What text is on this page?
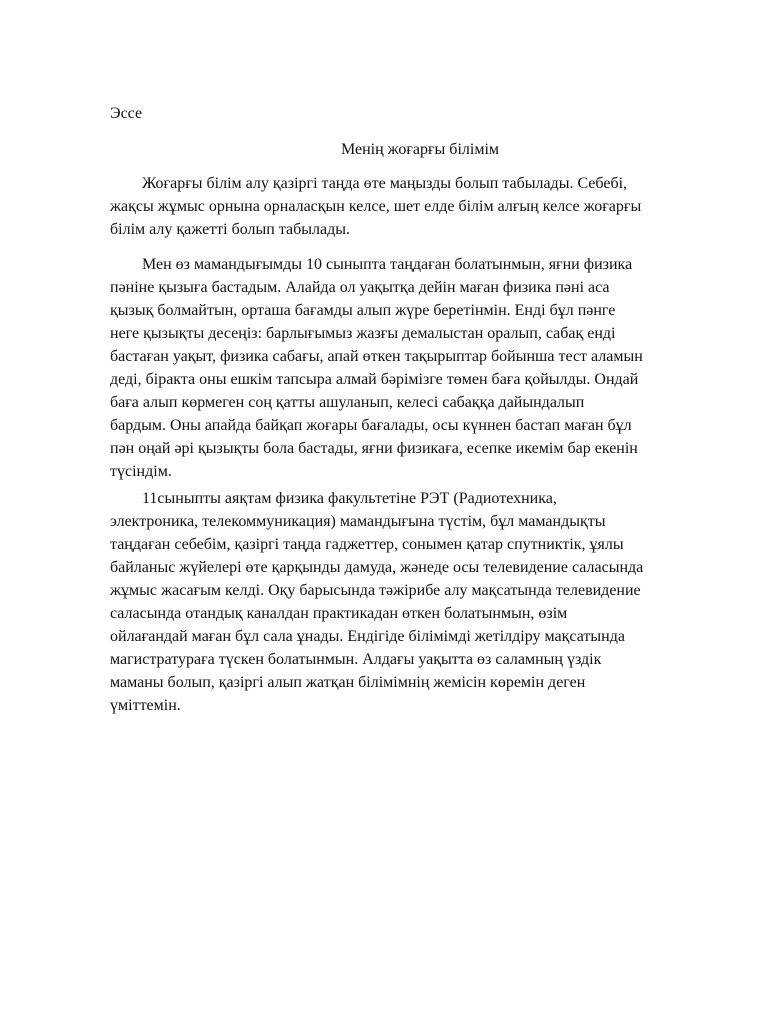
Эссе

Менің жоғарғы білімім
Жоғарғы білім алу қазіргі таңда өте маңызды болып табылады. Себебі,
жақсы жұмыс орнына орналасқын келсе, шет елде білім алғың келсе жоғарғы
білім алу қажетті болып табылады.
Мен өз мамандығымды 10 сыныпта таңдаған болатынмын, яғни физика
пәніне қызыға бастадым. Алайда ол уақытқа дейін маған физика пәні аса
қызық болмайтын, орташа бағамды алып жүре беретінмін. Енді бұл пәнге
неге қызықты десеңіз: барлығымыз жазғы демалыстан оралып, сабақ енді
бастаған уақыт, физика сабағы, апай өткен тақырыптар бойынша тест аламын
деді, біракта оны ешкім тапсыра алмай бәрімізге төмен баға қойылды. Ондай
баға алып көрмеген соң қатты ашуланып, келесі сабаққа дайындалып
бардым. Оны апайда байқап жоғары бағалады, осы күннен бастап маған бұл
пән оңай әрі қызықты бола бастады, яғни физикаға, есепке икемім бар екенін
түсіндім.
11сыныпты аяқтам физика факультетіне РЭТ (Радиотехника,
электроника, телекоммуникация) мамандығына түстім, бұл мамандықты
таңдаған себебім, қазіргі таңда гаджеттер, сонымен қатар спутниктік, ұялы
байланыс жүйелері өте қарқынды дамуда, жәнеде осы телевидение саласында
жұмыс жасағым келді. Оқу барысында тәжірибе алу мақсатында телевидение
саласында отандық каналдан практикадан өткен болатынмын, өзім
ойлағандай маған бұл сала ұнады. Ендігіде білімімді жетілдіру мақсатында
магистратураға түскен болатынмын. Алдағы уақытта өз саламның үздік
маманы болып, қазіргі алып жатқан білімімнің жемісін көремін деген
үміттемін.
